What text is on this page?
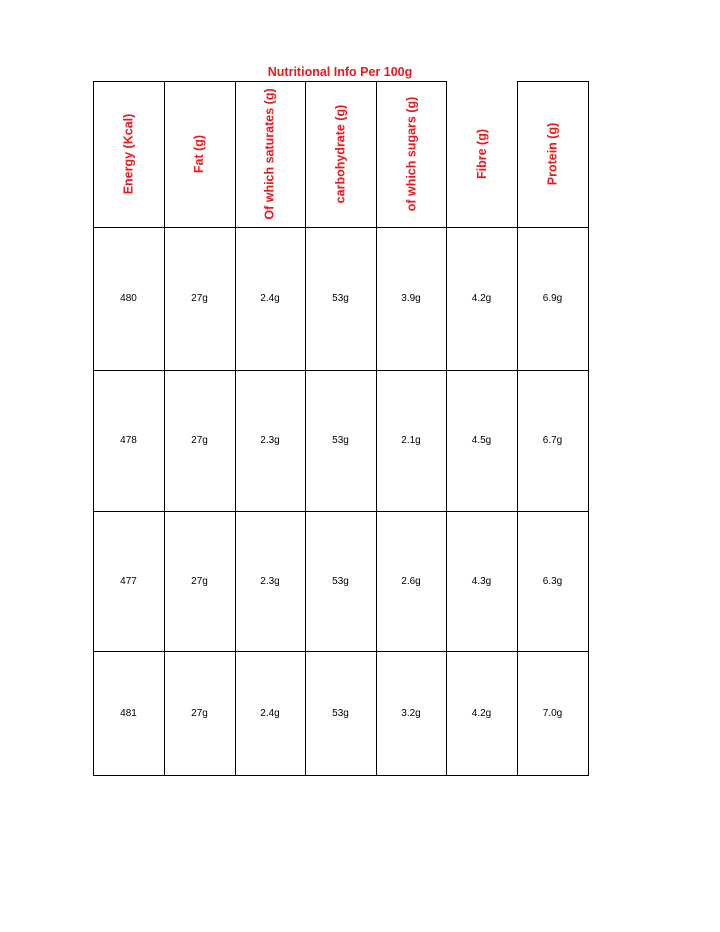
Nutritional Info Per 100g
Energy (Kcal)	Fat (g)	Of which saturates (g)	carbohydrate (g)	of which sugars (g)	Fibre (g)	Protein (g)
480	27g	2.4g	53g	3.9g	4.2g	6.9g
478	27g	2.3g	53g	2.1g	4.5g	6.7g
477	27g	2.3g	53g	2.6g	4.3g	6.3g
481	27g	2.4g	53g	3.2g	4.2g	7.0g
